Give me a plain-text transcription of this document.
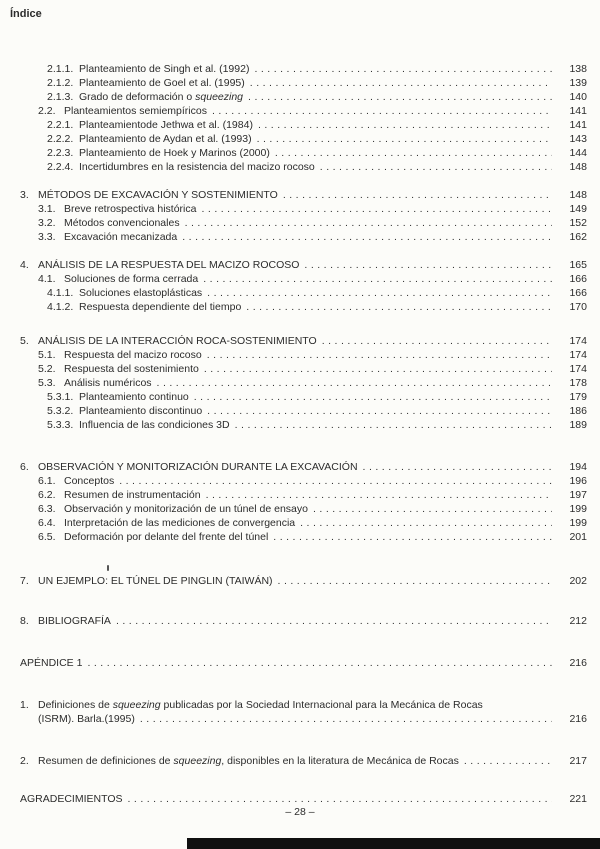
Índice
2.1.1. Planteamiento de Singh et al. (1992) .....	138
2.1.2. Planteamiento de Goel et al. (1995) .....	139
2.1.3. Grado de deformación o squeezing .....	140
2.2. Planteamientos semiempíricos .....	141
2.2.1. Planteamientode Jethwa et al. (1984) .....	141
2.2.2. Planteamiento de Aydan et al. (1993) .....	143
2.2.3. Planteamiento de Hoek y Marinos (2000) .....	144
2.2.4. Incertidumbres en la resistencia del macizo rocoso .....	148
3. MÉTODOS DE EXCAVACIÓN Y SOSTENIMIENTO .....	148
3.1. Breve retrospectiva histórica .....	149
3.2. Métodos convencionales .....	152
3.3. Excavación mecanizada .....	162
4. ANÁLISIS DE LA RESPUESTA DEL MACIZO ROCOSO .....	165
4.1. Soluciones de forma cerrada .....	166
4.1.1. Soluciones elastoplásticas .....	166
4.1.2. Respuesta dependiente del tiempo .....	170
5. ANÁLISIS DE LA INTERACCIÓN ROCA-SOSTENIMIENTO .....	174
5.1. Respuesta del macizo rocoso .....	174
5.2. Respuesta del sostenimiento .....	174
5.3. Análisis numéricos .....	178
5.3.1. Planteamiento continuo .....	179
5.3.2. Planteamiento discontinuo .....	186
5.3.3. Influencia de las condiciones 3D .....	189
6. OBSERVACIÓN Y MONITORIZACIÓN DURANTE LA EXCAVACIÓN .....	194
6.1. Conceptos .....	196
6.2. Resumen de instrumentación .....	197
6.3. Observación y monitorización de un túnel de ensayo .....	199
6.4. Interpretación de las mediciones de convergencia .....	199
6.5. Deformación por delante del frente del túnel .....	201
7. UN EJEMPLO: EL TÚNEL DE PINGLIN (TAIWÁN) .....	202
8. BIBLIOGRAFÍA .....	212
APÉNDICE 1 .....	216
1. Definiciones de squeezing publicadas por la Sociedad Internacional para la Mecánica de Rocas
(ISRM). Barla.(1995) .....	216
2. Resumen de definiciones de squeezing, disponibles en la literatura de Mecánica de Rocas .....	217
AGRADECIMIENTOS .....	221
– 28 –
